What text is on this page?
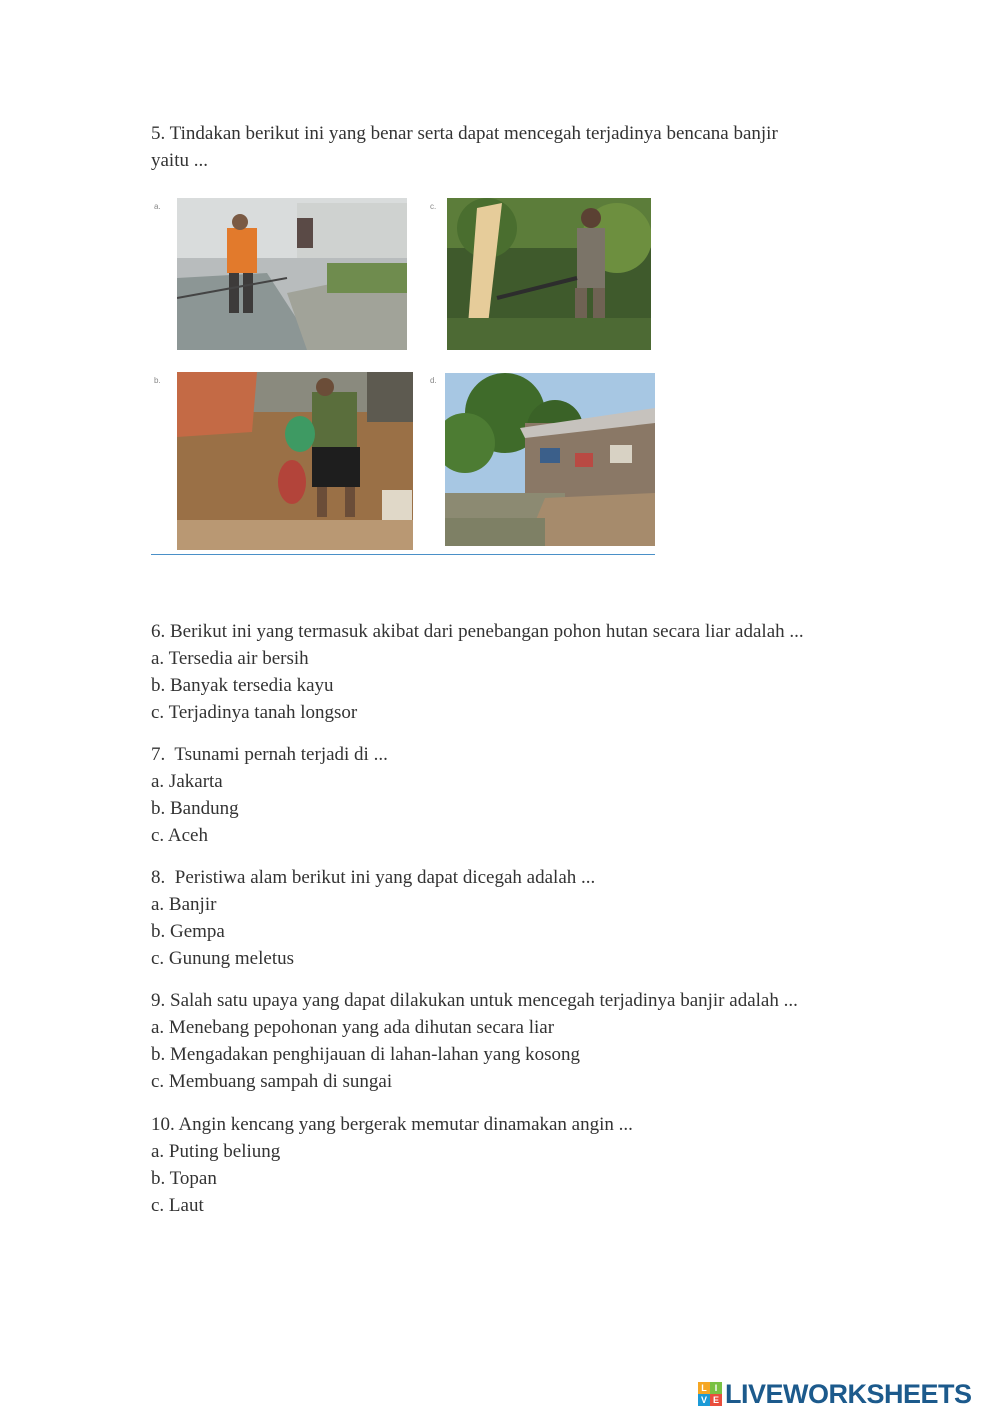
5. Tindakan berikut ini yang benar serta dapat mencegah terjadinya bencana banjir

yaitu ...

a.	c.
b.	d.

6. Berikut ini yang termasuk akibat dari penebangan pohon hutan secara liar adalah ...

a. Tersedia air bersih

b. Banyak tersedia kayu

c. Terjadinya tanah longsor

7. Tsunami pernah terjadi di ...

a. Jakarta

b. Bandung

c. Aceh

8. Peristiwa alam berikut ini yang dapat dicegah adalah ...

a. Banjir

b. Gempa

c. Gunung meletus

9. Salah satu upaya yang dapat dilakukan untuk mencegah terjadinya banjir adalah ...

a. Menebang pepohonan yang ada dihutan secara liar

b. Mengadakan penghijauan di lahan-lahan yang kosong

c. Membuang sampah di sungai

10. Angin kencang yang bergerak memutar dinamakan angin ...

a. Puting beliung

b. Topan

c. Laut

L I
V E LIVEWORKSHEETS
